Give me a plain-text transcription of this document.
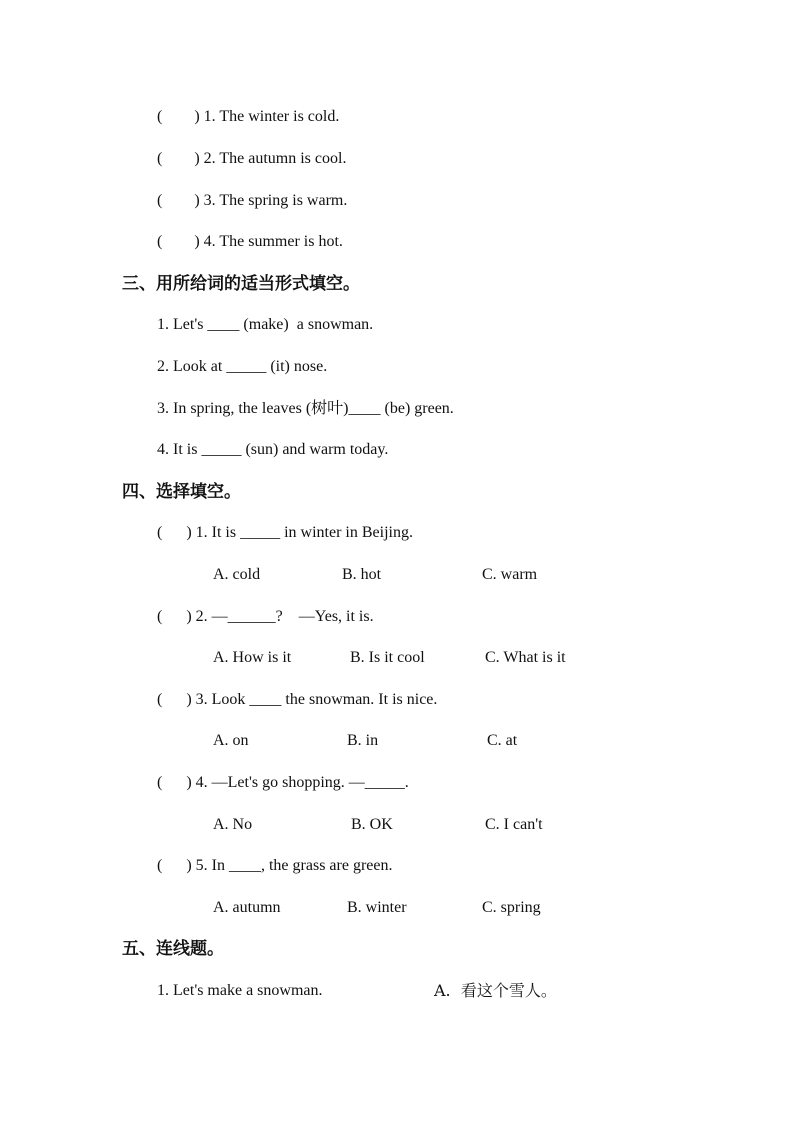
(        ) 1. The winter is cold.
(        ) 2. The autumn is cool.
(        ) 3. The spring is warm.
(        ) 4. The summer is hot.
三、用所给词的适当形式填空。
1. Let's ____ (make)  a snowman.
2. Look at _____ (it) nose.
3. In spring, the leaves (树叶)____ (be) green.
4. It is _____ (sun) and warm today.
四、选择填空。
(      ) 1. It is _____ in winter in Beijing.
A. cold	B. hot	C. warm
(      ) 2. —______?    —Yes, it is.
A. How is it	B. Is it cool	C. What is it
(      ) 3. Look ____ the snowman. It is nice.
A. on	B. in	C. at
(      ) 4. —Let's go shopping. —_____.
A. No	B. OK	C. I can't
(      ) 5. In ____, the grass are green.
A. autumn	B. winter	C. spring
五、连线题。
1. Let's make a snowman.	A.  看这个雪人。
